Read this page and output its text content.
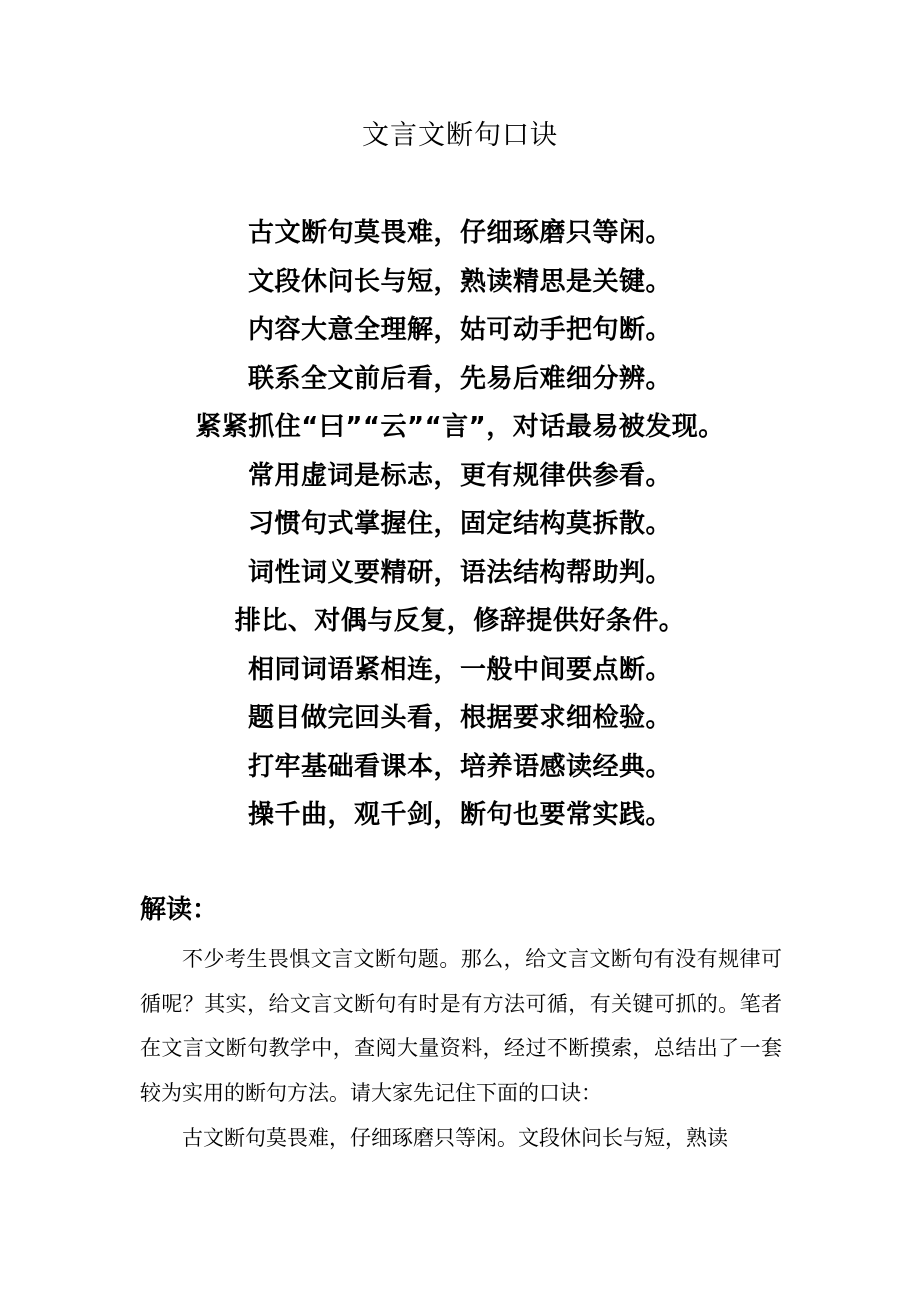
文言文断句口诀
古文断句莫畏难，仔细琢磨只等闲。
文段休问长与短，熟读精思是关键。
内容大意全理解，姑可动手把句断。
联系全文前后看，先易后难细分辨。
紧紧抓住“曰”“云”“言”，对话最易被发现。
常用虚词是标志，更有规律供参看。
习惯句式掌握住，固定结构莫拆散。
词性词义要精研，语法结构帮助判。
排比、对偶与反复，修辞提供好条件。
相同词语紧相连，一般中间要点断。
题目做完回头看，根据要求细检验。
打牢基础看课本，培养语感读经典。
操千曲，观千剑，断句也要常实践。
解读：

不少考生畏惧文言文断句题。那么，给文言文断句有没有规律可循呢？其实，给文言文断句有时是有方法可循，有关键可抓的。笔者在文言文断句教学中，查阅大量资料，经过不断摸索，总结出了一套较为实用的断句方法。请大家先记住下面的口诀：

古文断句莫畏难，仔细琢磨只等闲。文段休问长与短，熟读
